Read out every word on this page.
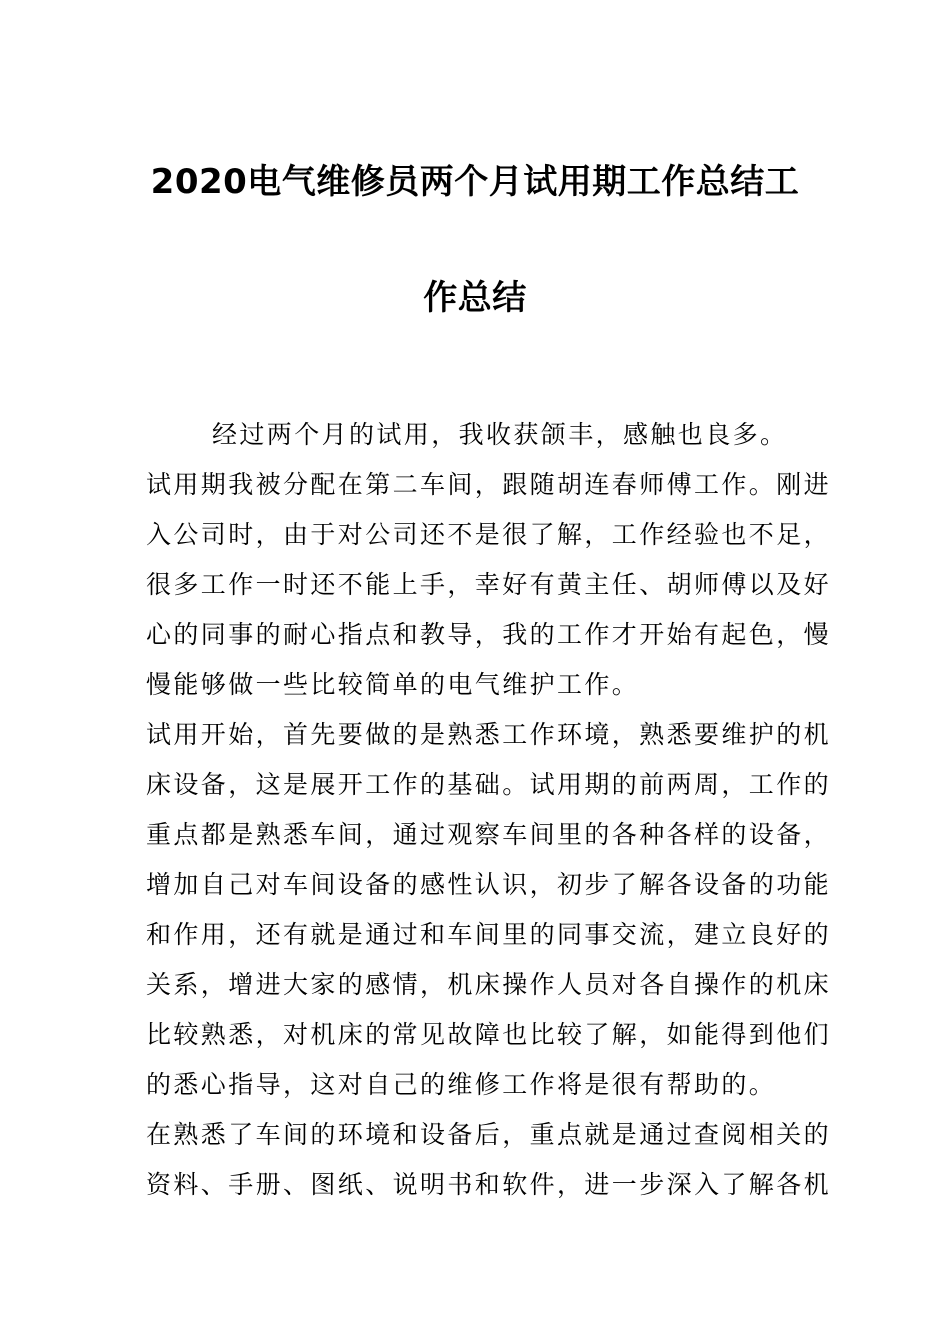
2020电气维修员两个月试用期工作总结工
作总结
经过两个月的试用，我收获颌丰，感触也良多。
试用期我被分配在第二车间，跟随胡连春师傅工作。刚进
入公司时，由于对公司还不是很了解，工作经验也不足，
很多工作一时还不能上手，幸好有黄主任、胡师傅以及好
心的同事的耐心指点和教导，我的工作才开始有起色，慢
慢能够做一些比较简单的电气维护工作。
试用开始，首先要做的是熟悉工作环境，熟悉要维护的机
床设备，这是展开工作的基础。试用期的前两周，工作的
重点都是熟悉车间，通过观察车间里的各种各样的设备，
增加自己对车间设备的感性认识，初步了解各设备的功能
和作用，还有就是通过和车间里的同事交流，建立良好的
关系，增进大家的感情，机床操作人员对各自操作的机床
比较熟悉，对机床的常见故障也比较了解，如能得到他们
的悉心指导，这对自己的维修工作将是很有帮助的。
在熟悉了车间的环境和设备后，重点就是通过查阅相关的
资料、手册、图纸、说明书和软件，进一步深入了解各机
